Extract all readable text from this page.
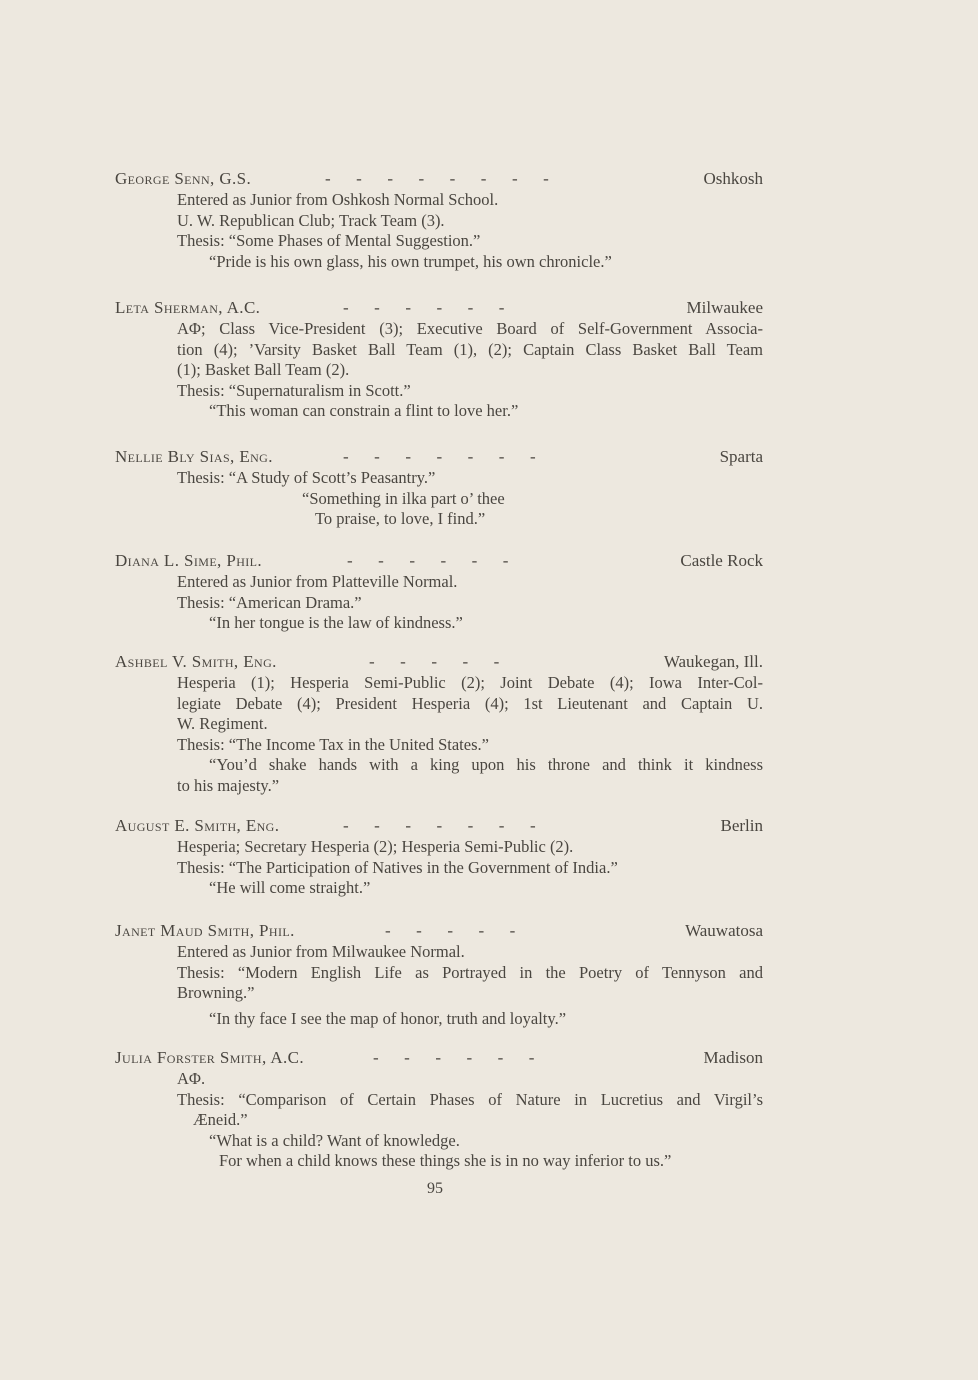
George Senn, G.S.	-      -      -      -      -      -      -      -	Oshkosh
Entered as Junior from Oshkosh Normal School.
U. W. Republican Club; Track Team (3).
Thesis: “Some Phases of Mental Suggestion.”
“Pride is his own glass, his own trumpet, his own chronicle.”
Leta Sherman, A.C.	-      -      -      -      -      -	Milwaukee
AΦ; Class Vice-President (3); Executive Board of Self-Government Associa-
tion (4); ’Varsity Basket Ball Team (1), (2); Captain Class Basket Ball Team
(1); Basket Ball Team (2).
Thesis: “Supernaturalism in Scott.”
“This woman can constrain a flint to love her.”
Nellie Bly Sias, Eng.	-      -      -      -      -      -      -	Sparta
Thesis: “A Study of Scott’s Peasantry.”
“Something in ilka part o’ thee
To praise, to love, I find.”
Diana L. Sime, Phil.	-      -      -      -      -      -	Castle Rock
Entered as Junior from Platteville Normal.
Thesis: “American Drama.”
“In her tongue is the law of kindness.”
Ashbel V. Smith, Eng.	-      -      -      -      -	Waukegan, Ill.
Hesperia (1); Hesperia Semi-Public (2); Joint Debate (4); Iowa Inter-Col-
legiate Debate (4); President Hesperia (4); 1st Lieutenant and Captain U.
W. Regiment.
Thesis: “The Income Tax in the United States.”
“You’d shake hands with a king upon his throne and think it kindness
to his majesty.”
August E. Smith, Eng.	-      -      -      -      -      -      -	Berlin
Hesperia; Secretary Hesperia (2); Hesperia Semi-Public (2).
Thesis: “The Participation of Natives in the Government of India.”
“He will come straight.”
Janet Maud Smith, Phil.	-      -      -      -      -	Wauwatosa
Entered as Junior from Milwaukee Normal.
Thesis: “Modern English Life as Portrayed in the Poetry of Tennyson and
Browning.”
“In thy face I see the map of honor, truth and loyalty.”
Julia Forster Smith, A.C.	-      -      -      -      -      -	Madison
AΦ.
Thesis: “Comparison of Certain Phases of Nature in Lucretius and Virgil’s
Æneid.”
“What is a child? Want of knowledge.
For when a child knows these things she is in no way inferior to us.”
95
